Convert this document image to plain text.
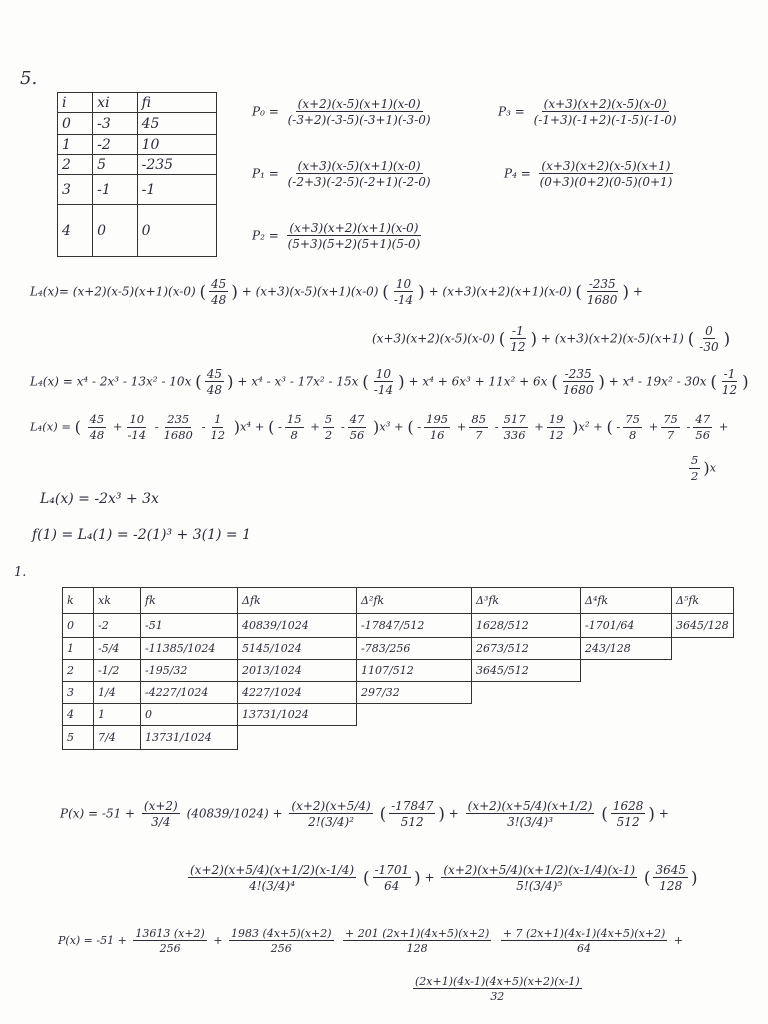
5.
i	xi	fi
0	-3	45
1	-2	10
2	5	-235
3	-1	-1
4	0	0
$P_0 = \frac{(x+2)(x-5)(x+1)(x-0)}{(-3+2)(-3-5)(-3+1)(-3-0)}$	$P_3 = \frac{(x+3)(x+2)(x-5)(x-0)}{(-1+3)(-1+2)(-1-5)(-1-0)}$
$P_1 = \frac{(x+3)(x-5)(x+1)(x-0)}{(-2+3)(-2-5)(-2+1)(-2-0)}$	$P_4 = \frac{(x+3)(x+2)(x-5)(x+1)}{(0+3)(0+2)(0-5)(0+1)}$
$P_2 = \frac{(x+3)(x+2)(x+1)(x-0)}{(5+3)(5+2)(5+1)(5-0)}$
L₄(x)= (x+2)(x-5)(x+1)(x-0) ( $\frac{45}{48}$ ) + (x+3)(x-5)(x+1)(x-0) ( $\frac{10}{-14}$ ) + (x+3)(x+2)(x+1)(x-0) ( $\frac{-235}{1680}$ ) +
(x+3)(x+2)(x-5)(x-0) ( $\frac{-1}{12}$ ) + (x+3)(x+2)(x-5)(x+1) ( $\frac{0}{-30}$ )
L₄(x) = x⁴ - 2x³ - 13x² - 10x ( $\frac{45}{48}$ ) + x⁴ - x³ - 17x² - 15x ( $\frac{10}{-14}$ ) + x⁴ + 6x³ + 11x² + 6x ( $\frac{-235}{1680}$ ) + x⁴ - 19x² - 30x ( $\frac{-1}{12}$ )
L₄(x) = ( $\frac{45}{48} + \frac{10}{-14} - \frac{235}{1680} - \frac{1}{12} )x^4$ + ( - $\frac{15}{8} + \frac{5}{2} - \frac{47}{56} )x^3$ + ( - $\frac{195}{16} + \frac{85}{7} - \frac{517}{336} + \frac{19}{12} )x^2$ + ( - $\frac{75}{8} + \frac{75}{7} - \frac{47}{56}$ +
$\frac{5}{2} )x$
L₄(x) = -2x³ + 3x
f(1) = L₄(1) = -2(1)³ + 3(1) = 1
1.
k	xk	fk	Δfk	Δ²fk	Δ³fk	Δ⁴fk	Δ⁵fk
0	-2	-51	40839/1024	-17847/512	1628/512	-1701/64	3645/128
1	-5/4	-11385/1024	5145/1024	-783/256	2673/512	243/128	
2	-1/2	-195/32	2013/1024	1107/512	3645/512		
3	1/4	-4227/1024	4227/1024	297/32			
4	1	0	13731/1024				
5	7/4	13731/1024					
$P(x) = -51 + \frac{(x+2)}{3/4} (40839/1024) + \frac{(x+2)(x+5/4)}{\text{2!(3/4)²}}$ ( $\frac{-17847}{512}$ ) + $\frac{(x+2)(x+5/4)(x+1/2)}{\text{3!(3/4)³}}$ ( $\frac{1628}{512}$ ) +
$\frac{(x+2)(x+5/4)(x+1/2)(x-1/4)}{\text{4!(3/4)⁴}}$ ( $\frac{-1701}{64}$ ) + $\frac{(x+2)(x+5/4)(x+1/2)(x-1/4)(x-1)}{\text{5!(3/4)⁵}}$ ( $\frac{3645}{128}$ )
$P(x) = -51 + \frac{13613 (x+2)}{256} + \frac{1983 (4x+5)(x+2)}{256}$
$\frac{+ 201 (2x+1)(4x+5)(x+2)}{128}$
$\frac{+ 7 (2x+1)(4x-1)(4x+5)(x+2)}{64}$ +
$\frac{(2x+1)(4x-1)(4x+5)(x+2)(x-1)}{32}$
